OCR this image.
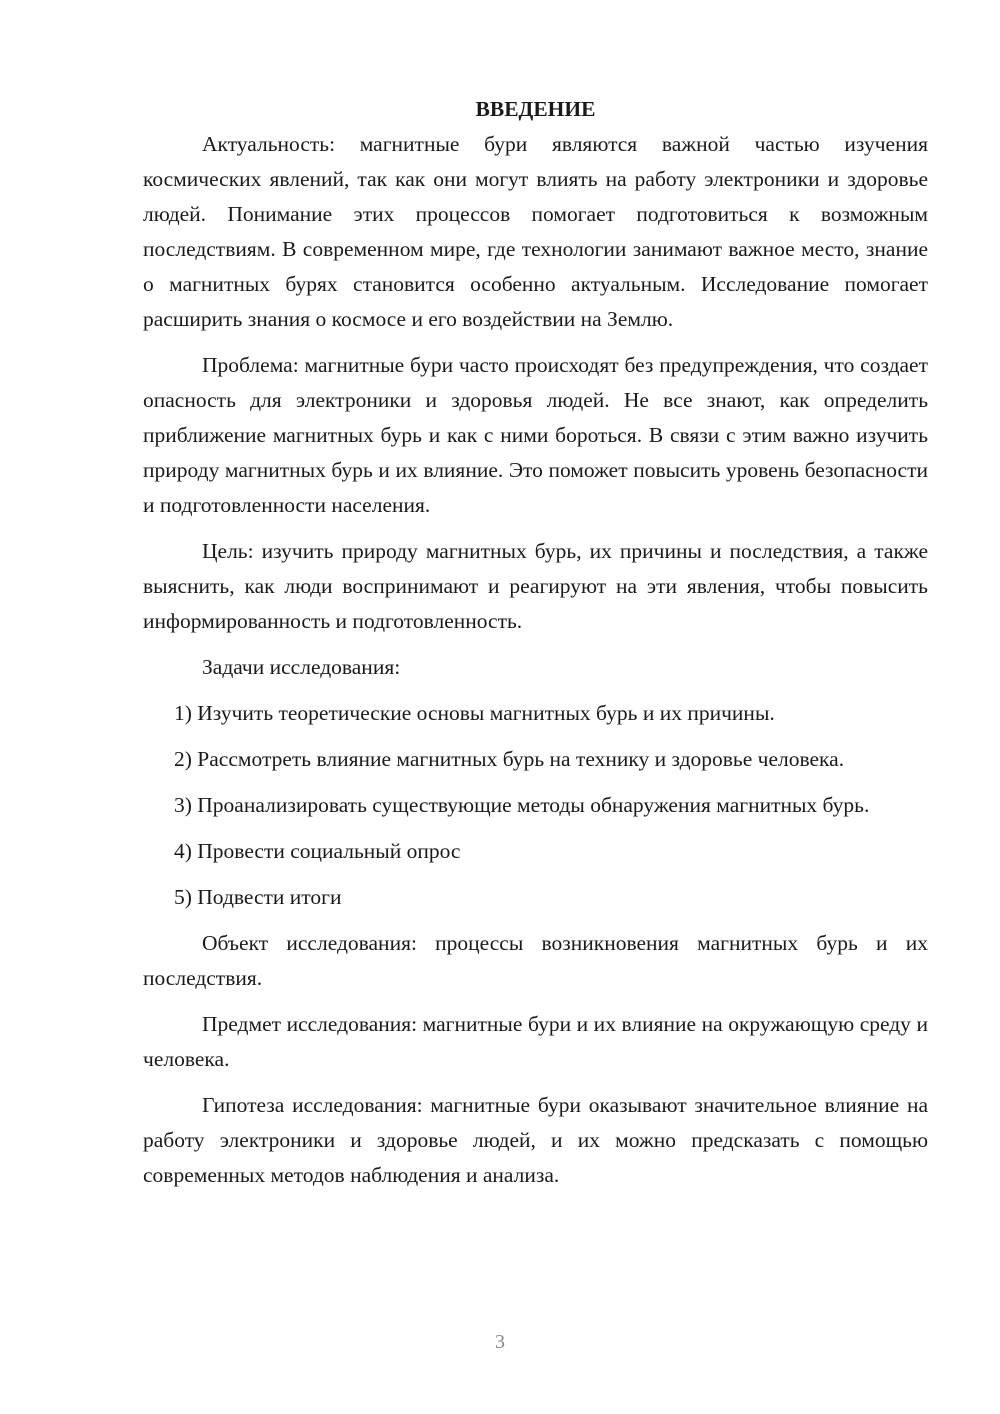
ВВЕДЕНИЕ

Актуальность: магнитные бури являются важной частью изучения космических явлений, так как они могут влиять на работу электроники и здоровье людей. Понимание этих процессов помогает подготовиться к возможным последствиям. В современном мире, где технологии занимают важное место, знание о магнитных бурях становится особенно актуальным. Исследование помогает расширить знания о космосе и его воздействии на Землю.

Проблема: магнитные бури часто происходят без предупреждения, что создает опасность для электроники и здоровья людей. Не все знают, как определить приближение магнитных бурь и как с ними бороться. В связи с этим важно изучить природу магнитных бурь и их влияние. Это поможет повысить уровень безопасности и подготовленности населения.

Цель: изучить природу магнитных бурь, их причины и последствия, а также выяснить, как люди воспринимают и реагируют на эти явления, чтобы повысить информированность и подготовленность.

Задачи исследования:

1) Изучить теоретические основы магнитных бурь и их причины.

2) Рассмотреть влияние магнитных бурь на технику и здоровье человека.

3) Проанализировать существующие методы обнаружения магнитных бурь.

4) Провести социальный опрос

5) Подвести итоги

Объект исследования: процессы возникновения магнитных бурь и их последствия.

Предмет исследования: магнитные бури и их влияние на окружающую среду и человека.

Гипотеза исследования: магнитные бури оказывают значительное влияние на работу электроники и здоровье людей, и их можно предсказать с помощью современных методов наблюдения и анализа.

3
